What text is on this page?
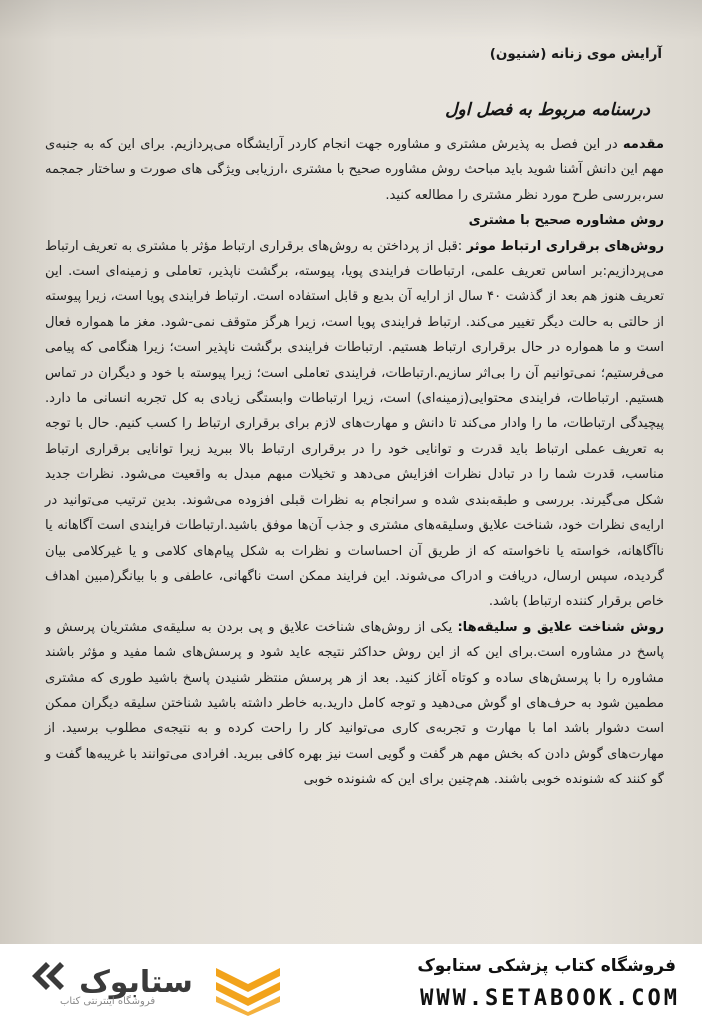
آرایش موی زنانه (شنیون)
درسنامه مربوط به فصل اول

مقدمه در این فصل به پذیرش مشتری و مشاوره جهت انجام کاردر آرایشگاه می‌پردازیم. برای این که به جنبه‌ی مهم این دانش آشنا شوید باید مباحث روش مشاوره صحیح با مشتری ،ارزیابی ویژگی های صورت و ساختار جمجمه سر،بررسی طرح مورد نظر مشتری را مطالعه کنید.

روش مشاوره صحیح با مشتری

روش‌های برقراری ارتباط موثر :قبل از پرداختن به روش‌های برقراری ارتباط مؤثر با مشتری به تعریف ارتباط می‌پردازیم:بر اساس تعریف علمی، ارتباطات فرایندی پویا، پیوسته، برگشت ناپذیر، تعاملی و زمینه‌ای است. این تعریف هنوز هم بعد از گذشت ۴۰ سال از ارایه آن بدیع و قابل استفاده است. ارتباط فرایندی پویا است، زیرا پیوسته از حالتی به حالت دیگر تغییر می‌کند. ارتباط فرایندی پویا است، زیرا هرگز متوقف نمی-شود. مغز ما همواره فعال است و ما همواره در حال برقراری ارتباط هستیم. ارتباطات فرایندی برگشت ناپذیر است؛ زیرا هنگامی که پیامی می‌فرستیم؛ نمی‌توانیم آن را بی‌اثر سازیم.ارتباطات، فرایندی تعاملی است؛ زیرا پیوسته با خود و دیگران در تماس هستیم. ارتباطات، فرایندی محتوایی(زمینه‌ای) است، زیرا ارتباطات وابستگی زیادی به کل تجربه انسانی ما دارد. پیچیدگی ارتباطات، ما را وادار می‌کند تا دانش و مهارت‌های لازم برای برقراری ارتباط را کسب کنیم. حال با توجه به تعریف عملی ارتباط باید قدرت و توانایی خود را در برقراری ارتباط بالا ببرید زیرا توانایی برقراری ارتباط مناسب، قدرت شما را در تبادل نظرات افزایش می‌دهد و تخیلات مبهم مبدل به واقعیت می‌شود. نظرات جدید شکل می‌گیرند. بررسی و طبقه‌بندی شده و سرانجام به نظرات قبلی افزوده می‌شوند. بدین ترتیب می‌توانید در ارایه‌ی نظرات خود، شناخت علایق وسلیقه‌های مشتری و جذب آن‌ها موفق باشید.ارتباطات فرایندی است آگاهانه یا ناآگاهانه، خواسته یا ناخواسته که از طریق آن احساسات و نظرات به شکل پیام‌های کلامی و یا غیرکلامی بیان گردیده، سپس ارسال، دریافت و ادراک می‌شوند. این فرایند ممکن است ناگهانی، عاطفی و با بیانگر(مبین اهداف خاص برقرار کننده ارتباط) باشد.

روش شناخت علایق و سلیقه‌ها: یکی از روش‌های شناخت علایق و پی بردن به سلیقه‌ی مشتریان پرسش و پاسخ در مشاوره است.برای این که از این روش حداکثر نتیجه عاید شود و پرسش‌های شما مفید و مؤثر باشند مشاوره را با پرسش‌های ساده و کوتاه آغاز کنید. بعد از هر پرسش منتظر شنیدن پاسخ باشید طوری که مشتری مطمین شود به حرف‌های او گوش می‌دهید و توجه کامل دارید.به خاطر داشته باشید شناختن سلیقه دیگران ممکن است دشوار باشد اما با مهارت و تجربه‌ی کاری می‌توانید کار را راحت کرده و به نتیجه‌ی مطلوب برسید. از مهارت‌های گوش دادن که بخش مهم هر گفت و گویی است نیز بهره کافی ببرید. افرادی می‌توانند با غریبه‌ها گفت و گو کنند که شنونده خوبی باشند. هم‌چنین برای این که شنونده خوبی

ستابوک
فروشگاه اینترنتی کتاب
فروشگاه کتاب پزشکی ستابوک
WWW.SETABOOK.COM
